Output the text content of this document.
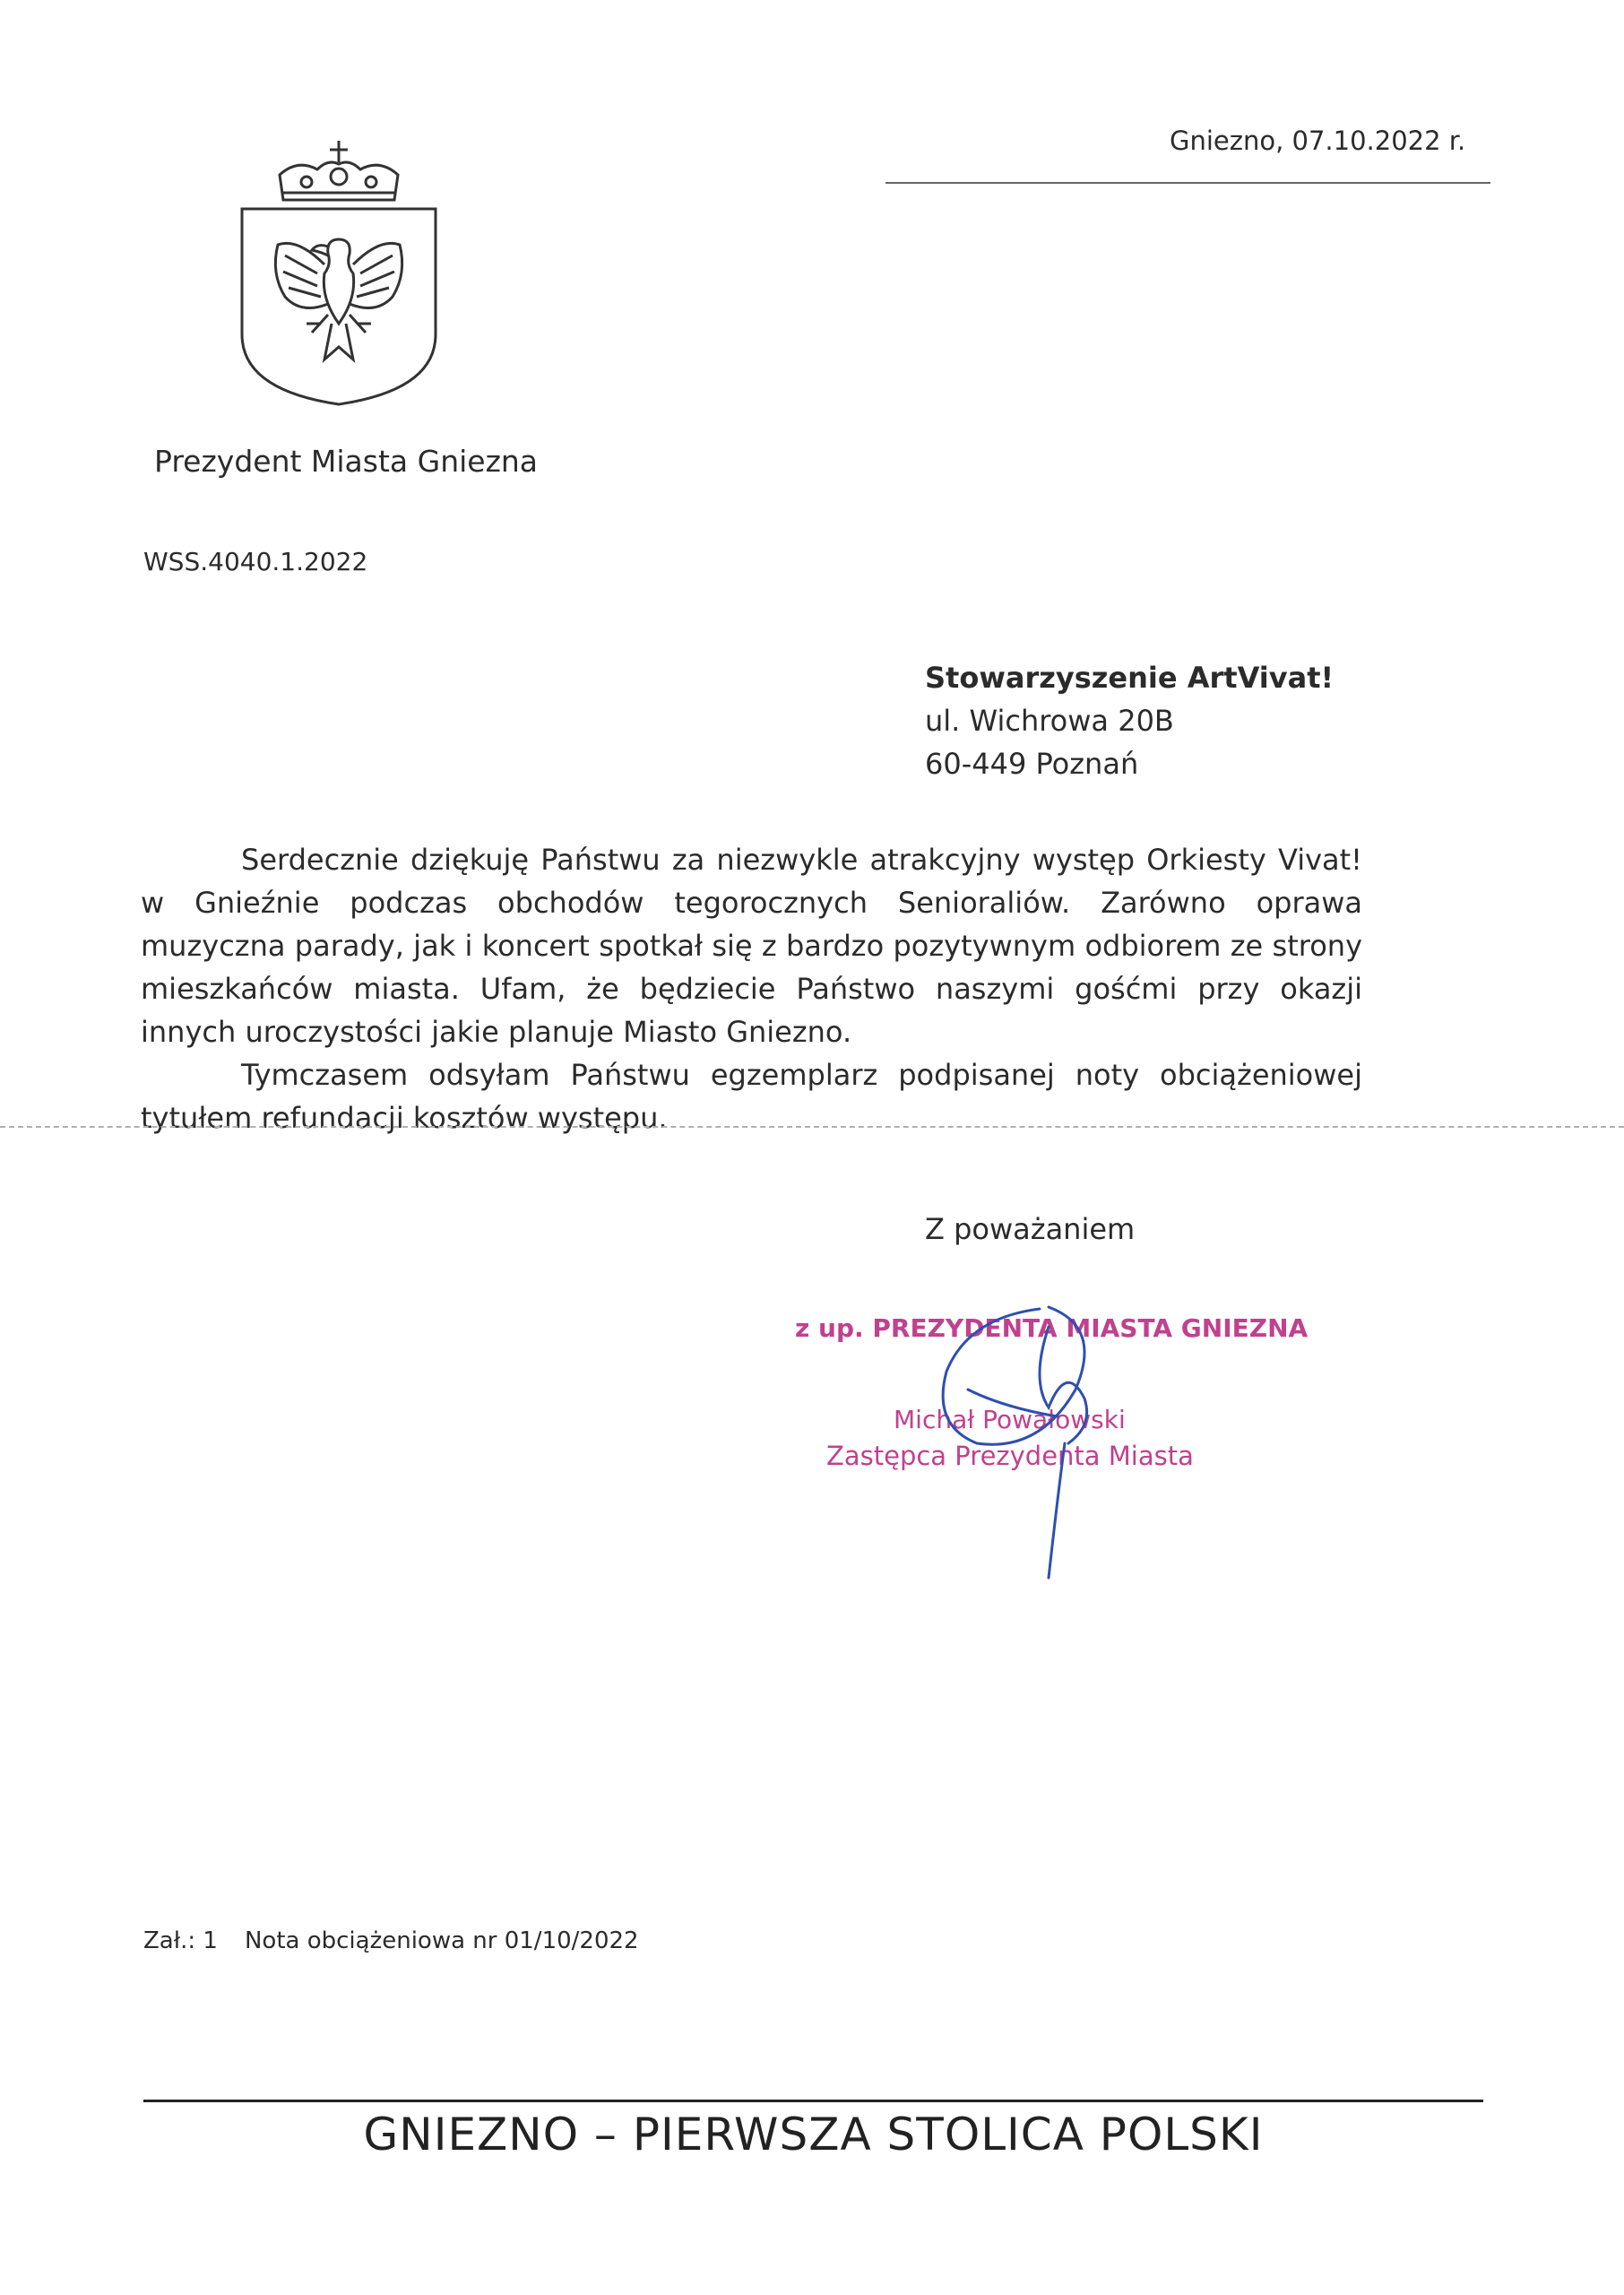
Gniezno, 07.10.2022 r.
Prezydent Miasta Gniezna
WSS.4040.1.2022
Stowarzyszenie ArtVivat!
ul. Wichrowa 20B
60-449 Poznań

Serdecznie dziękuję Państwu za niezwykle atrakcyjny występ Orkiesty Vivat! w Gnieźnie podczas obchodów tegorocznych Senioraliów. Zarówno oprawa muzyczna parady, jak i koncert spotkał się z bardzo pozytywnym odbiorem ze strony mieszkańców miasta. Ufam, że będziecie Państwo naszymi gośćmi przy okazji innych uroczystości jakie planuje Miasto Gniezno.

Tymczasem odsyłam Państwu egzemplarz podpisanej noty obciążeniowej tytułem refundacji kosztów występu.

Z poważaniem
z up. PREZYDENTA MIASTA GNIEZNA
Michał Powałowski
Zastępca Prezydenta Miasta
Zał.: 1 Nota obciążeniowa nr 01/10/2022
GNIEZNO – PIERWSZA STOLICA POLSKI
